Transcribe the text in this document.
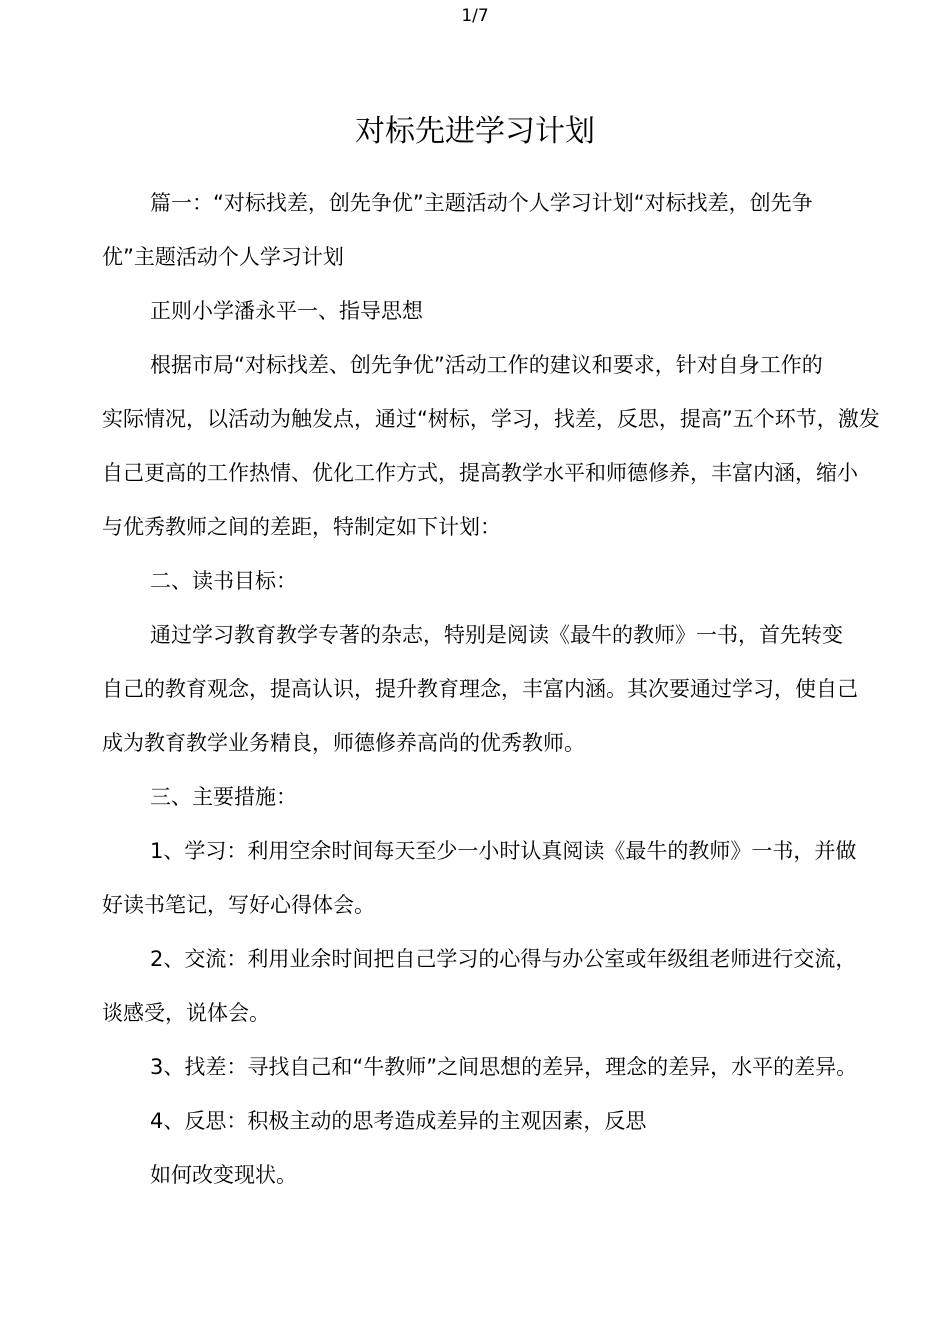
1/7
对标先进学习计划

篇一：“对标找差，创先争优”主题活动个人学习计划“对标找差，创先争
优”主题活动个人学习计划

正则小学潘永平一、指导思想

根据市局“对标找差、创先争优”活动工作的建议和要求，针对自身工作的
实际情况，以活动为触发点，通过“树标，学习，找差，反思，提高”五个环节，激发
自己更高的工作热情、优化工作方式，提高教学水平和师德修养，丰富内涵，缩小
与优秀教师之间的差距，特制定如下计划：

二、读书目标：

通过学习教育教学专著的杂志，特别是阅读《最牛的教师》一书，首先转变
自己的教育观念，提高认识，提升教育理念，丰富内涵。其次要通过学习，使自己
成为教育教学业务精良，师德修养高尚的优秀教师。

三、主要措施：

1、学习：利用空余时间每天至少一小时认真阅读《最牛的教师》一书，并做
好读书笔记，写好心得体会。

2、交流：利用业余时间把自己学习的心得与办公室或年级组老师进行交流，
谈感受，说体会。

3、找差：寻找自己和“牛教师”之间思想的差异，理念的差异，水平的差异。

4、反思：积极主动的思考造成差异的主观因素，反思

如何改变现状。
